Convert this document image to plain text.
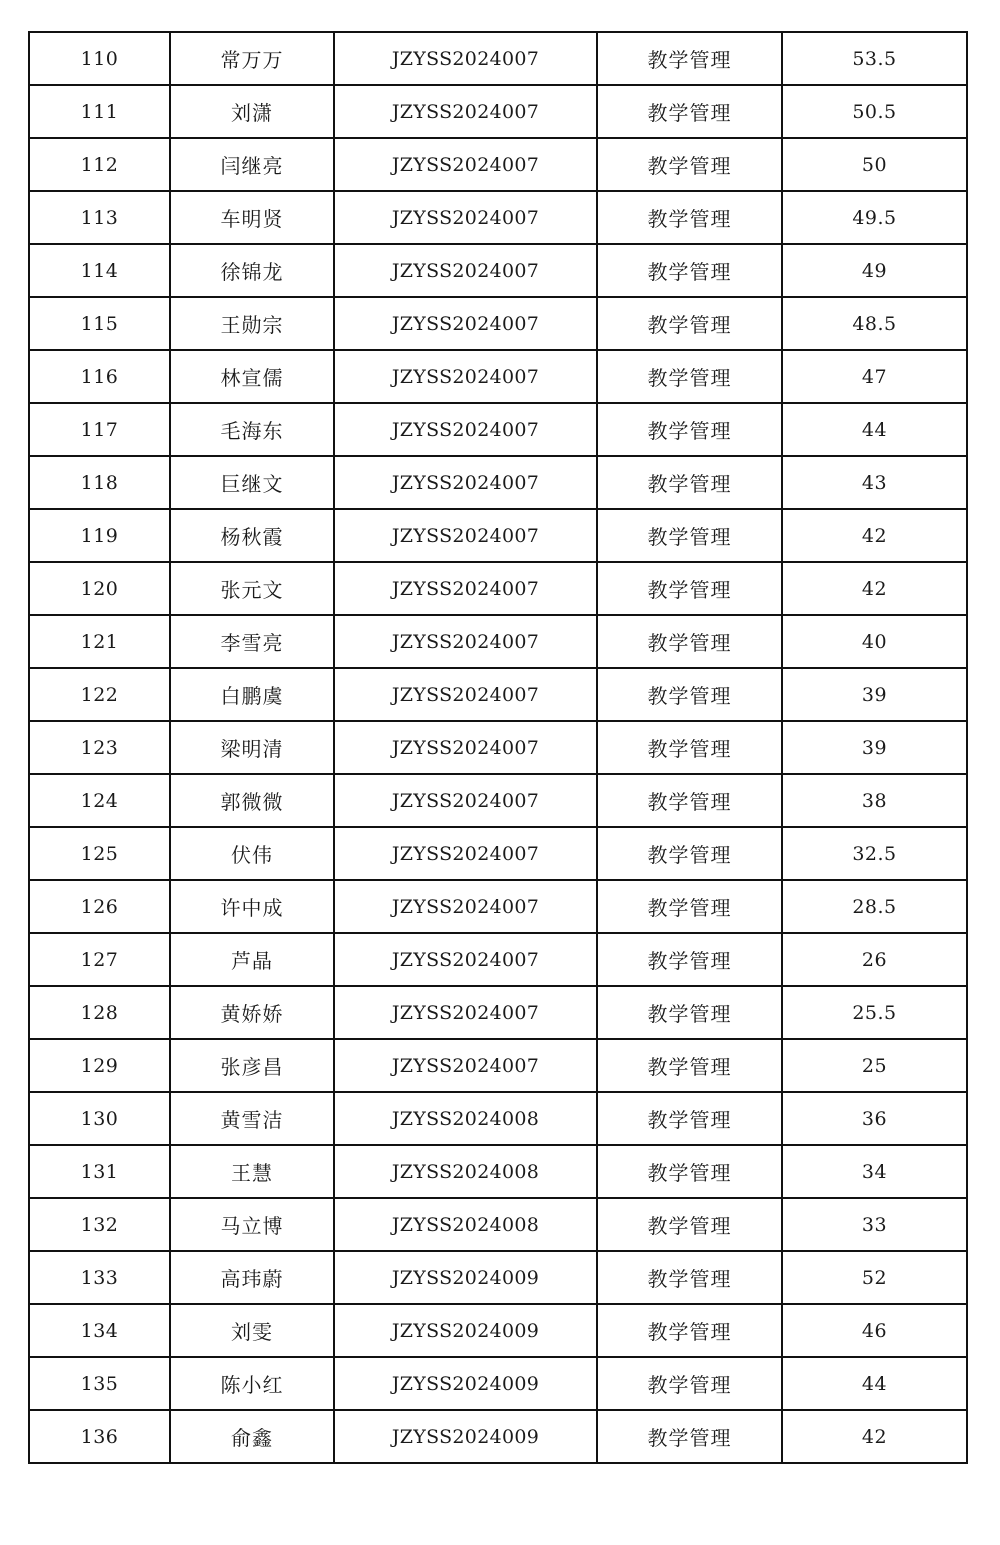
110	常万万	JZYSS2024007	教学管理	53.5
111	刘潇	JZYSS2024007	教学管理	50.5
112	闫继亮	JZYSS2024007	教学管理	50
113	车明贤	JZYSS2024007	教学管理	49.5
114	徐锦龙	JZYSS2024007	教学管理	49
115	王勋宗	JZYSS2024007	教学管理	48.5
116	林宣儒	JZYSS2024007	教学管理	47
117	毛海东	JZYSS2024007	教学管理	44
118	巨继文	JZYSS2024007	教学管理	43
119	杨秋霞	JZYSS2024007	教学管理	42
120	张元文	JZYSS2024007	教学管理	42
121	李雪亮	JZYSS2024007	教学管理	40
122	白鹏虞	JZYSS2024007	教学管理	39
123	梁明清	JZYSS2024007	教学管理	39
124	郭微微	JZYSS2024007	教学管理	38
125	伏伟	JZYSS2024007	教学管理	32.5
126	许中成	JZYSS2024007	教学管理	28.5
127	芦晶	JZYSS2024007	教学管理	26
128	黄娇娇	JZYSS2024007	教学管理	25.5
129	张彦昌	JZYSS2024007	教学管理	25
130	黄雪洁	JZYSS2024008	教学管理	36
131	王慧	JZYSS2024008	教学管理	34
132	马立博	JZYSS2024008	教学管理	33
133	高玮蔚	JZYSS2024009	教学管理	52
134	刘雯	JZYSS2024009	教学管理	46
135	陈小红	JZYSS2024009	教学管理	44
136	俞鑫	JZYSS2024009	教学管理	42
